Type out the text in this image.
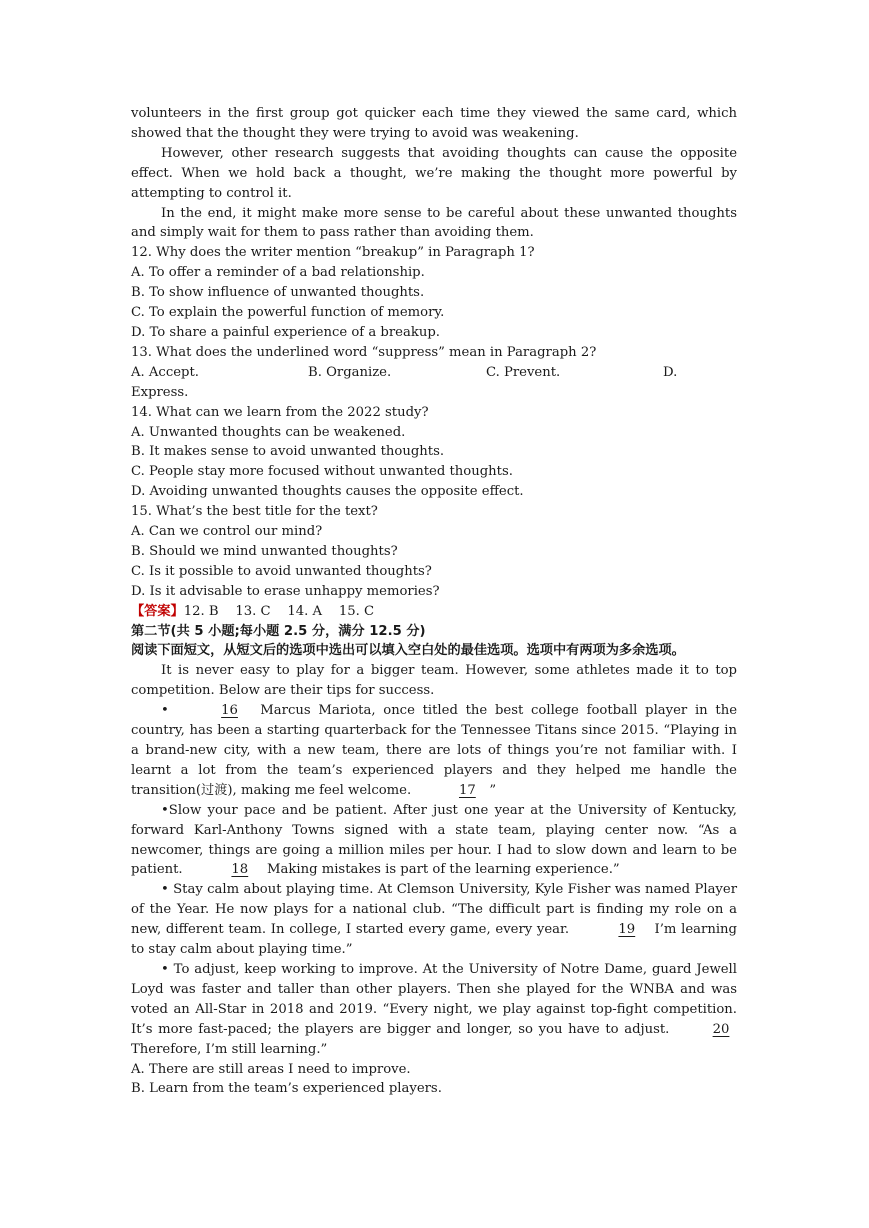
volunteers in the first group got quicker each time they viewed the same card, which showed that the thought they were trying to avoid was weakening.

However, other research suggests that avoiding thoughts can cause the opposite effect. When we hold back a thought, we’re making the thought more powerful by attempting to control it.

In the end, it might make more sense to be careful about these unwanted thoughts and simply wait for them to pass rather than avoiding them.

12. Why does the writer mention “breakup” in Paragraph 1?

A. To offer a reminder of a bad relationship.

B. To show influence of unwanted thoughts.

C. To explain the powerful function of memory.

D. To share a painful experience of a breakup.

13. What does the underlined word “suppress” mean in Paragraph 2?

A. Accept.	B. Organize.	C. Prevent.	D.

Express.

14. What can we learn from the 2022 study?

A. Unwanted thoughts can be weakened.

B. It makes sense to avoid unwanted thoughts.

C. People stay more focused without unwanted thoughts.

D. Avoiding unwanted thoughts causes the opposite effect.

15. What’s the best title for the text?

A. Can we control our mind?

B. Should we mind unwanted thoughts?

C. Is it possible to avoid unwanted thoughts?

D. Is it advisable to erase unhappy memories?

【答案】12. B    13. C    14. A    15. C

第二节(共 5 小题;每小题 2.5 分，满分 12.5 分)

阅读下面短文，从短文后的选项中选出可以填入空白处的最佳选项。选项中有两项为多余选项。

It is never easy to play for a bigger team. However, some athletes made it to top competition. Below are their tips for success.

•	16 Marcus Mariota, once titled the best college football player in the country, has been a starting quarterback for the Tennessee Titans since 2015. “Playing in a brand-new city, with a new team, there are lots of things you’re not familiar with. I learnt a lot from the team’s experienced players and they helped me handle the transition(过渡), making me feel welcome.	17 ”

•Slow your pace and be patient. After just one year at the University of Kentucky, forward Karl-Anthony Towns signed with a state team, playing center now. “As a newcomer, things are going a million miles per hour. I had to slow down and learn to be patient.	18 Making mistakes is part of the learning experience.”

• Stay calm about playing time. At Clemson University, Kyle Fisher was named Player of the Year. He now plays for a national club. “The difficult part is finding my role on a new, different team. In college, I started every game, every year.	19 I’m learning to stay calm about playing time.”

• To adjust, keep working to improve. At the University of Notre Dame, guard Jewell Loyd was faster and taller than other players. Then she played for the WNBA and was voted an All-Star in 2018 and 2019. “Every night, we play against top-fight competition. It’s more fast-paced; the players are bigger and longer, so you have to adjust.	20Therefore, I’m still learning.”

A. There are still areas I need to improve.

B. Learn from the team’s experienced players.
